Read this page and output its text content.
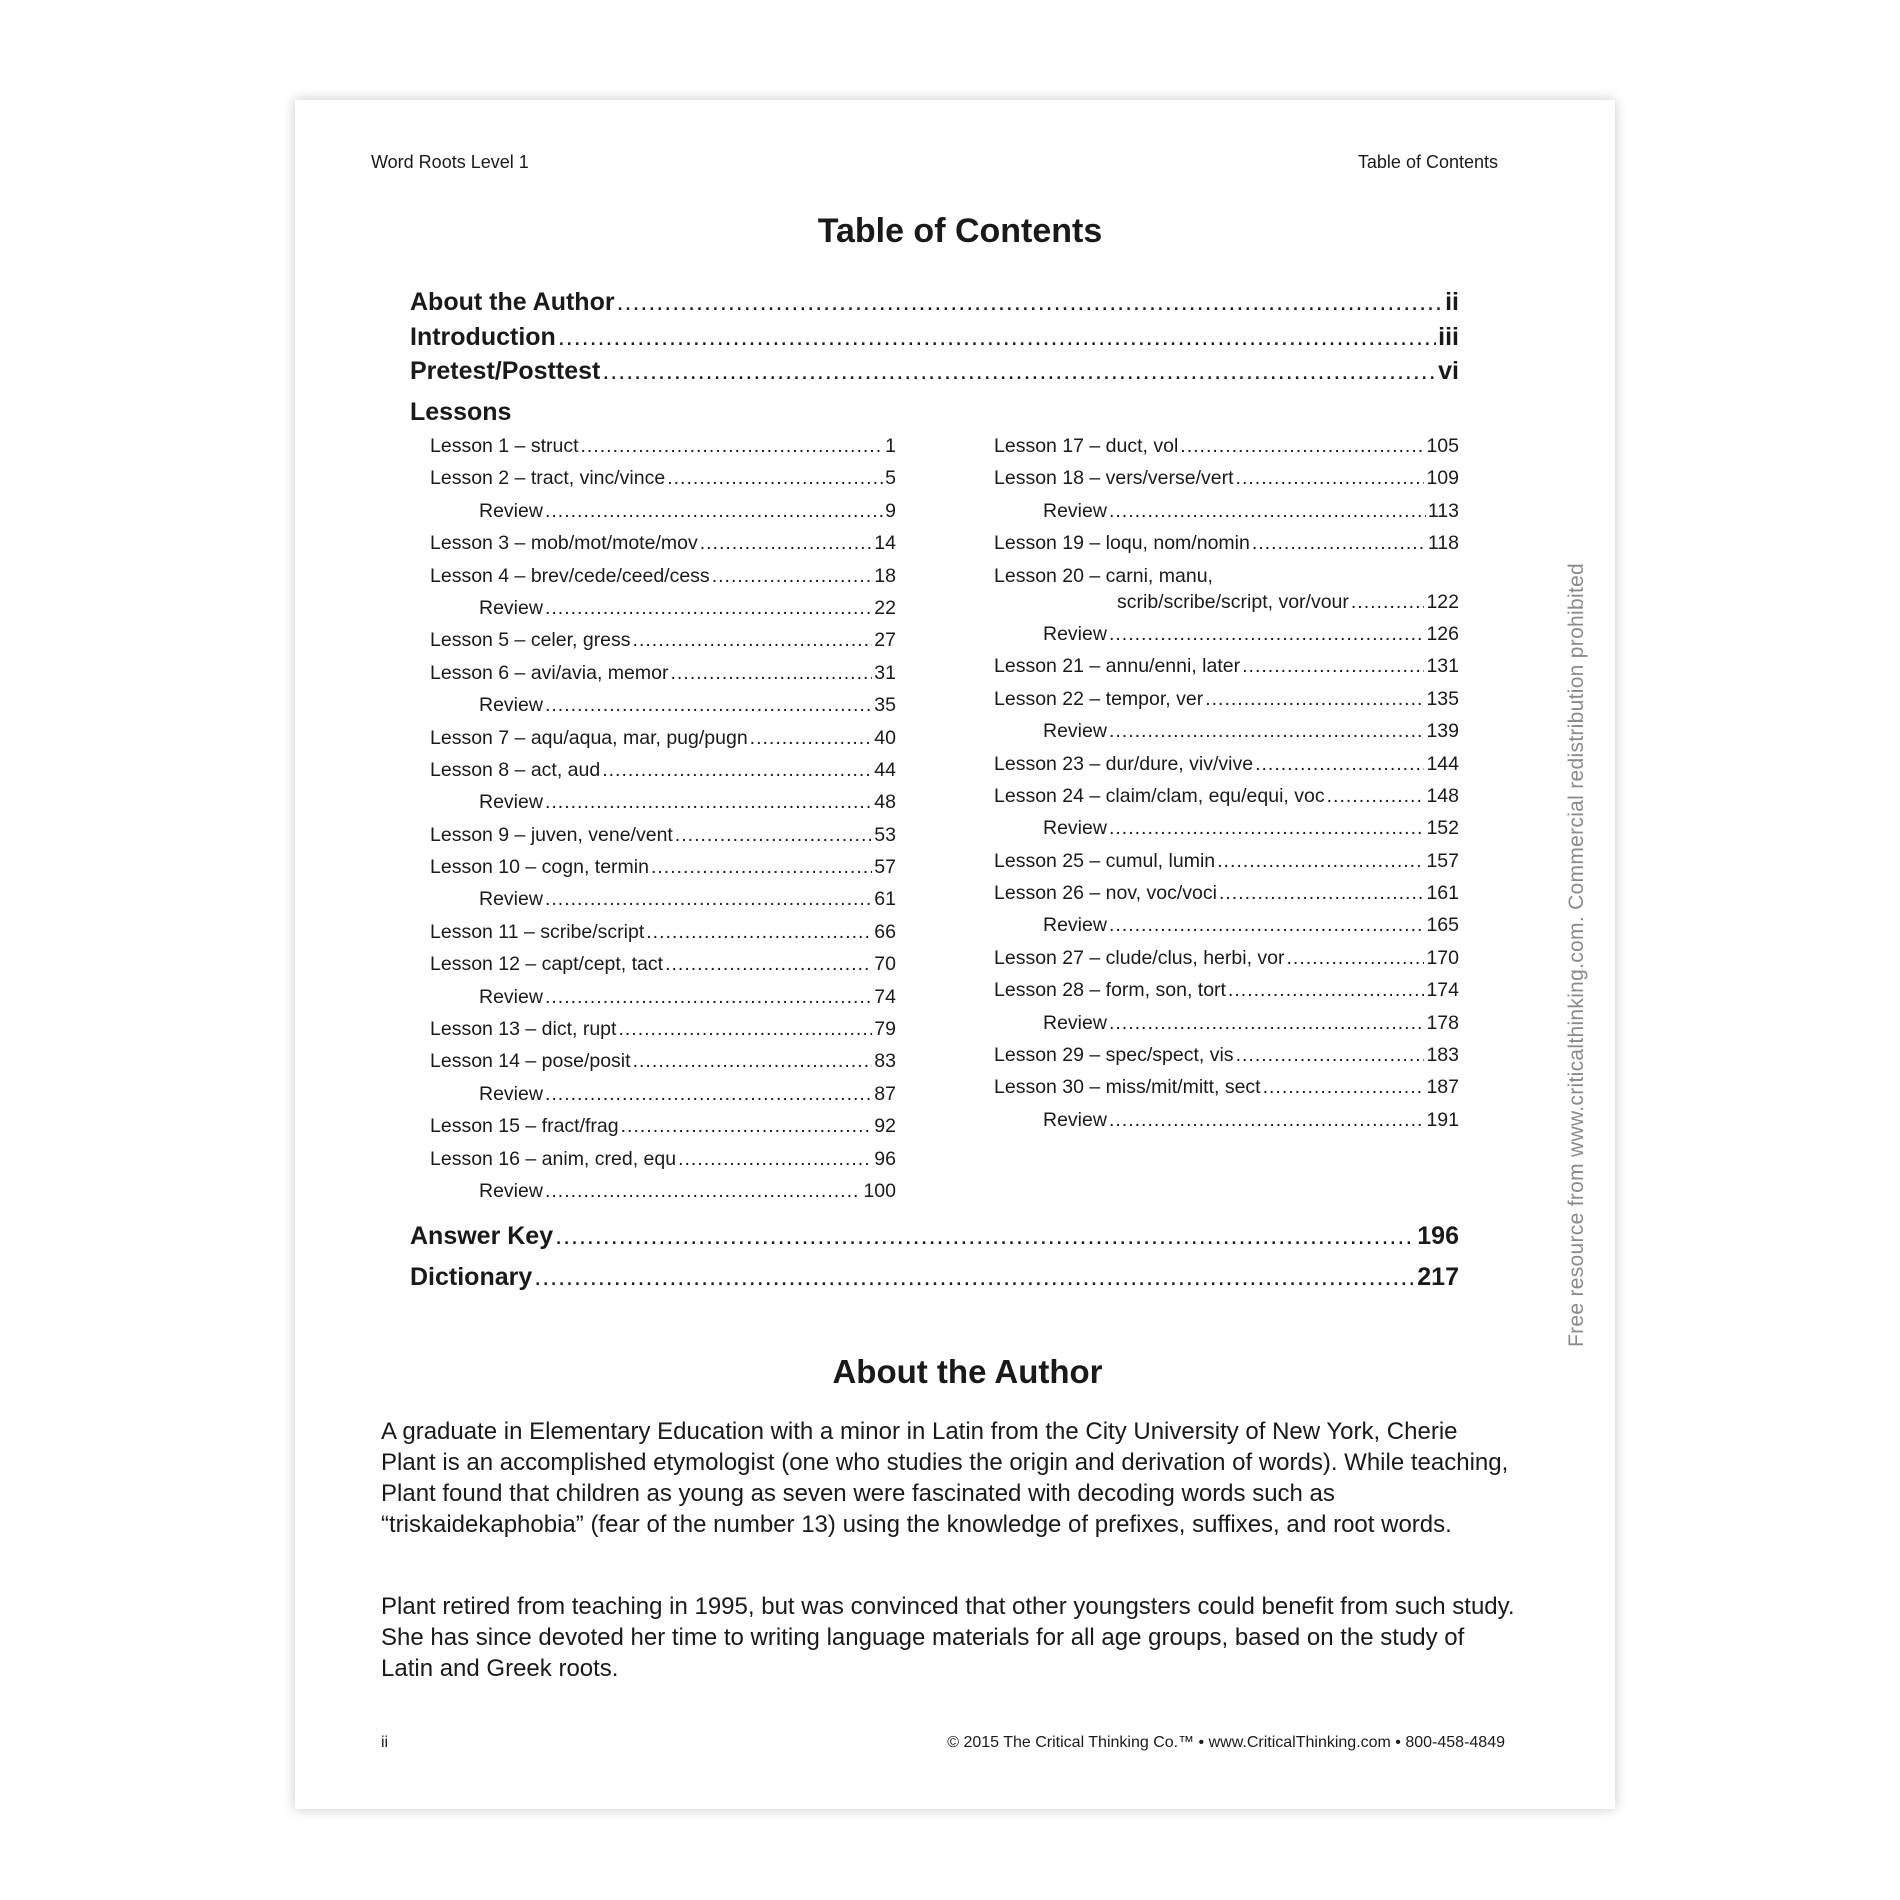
Word Roots Level 1	Table of Contents
Table of Contents
Lessons
Lesson 1 – struct .....	1
Lesson 2 – tract, vinc/vince .....	5
Review .....	9
Lesson 3 – mob/mot/mote/mov .....	14
Lesson 4 – brev/cede/ceed/cess .....	18
Review .....	22
Lesson 5 – celer, gress .....	27
Lesson 6 – avi/avia, memor .....	31
Review .....	35
Lesson 7 – aqu/aqua, mar, pug/pugn .....	40
Lesson 8 – act, aud .....	44
Review .....	48
Lesson 9 – juven, vene/vent .....	53
Lesson 10 – cogn, termin .....	57
Review .....	61
Lesson 11 – scribe/script .....	66
Lesson 12 – capt/cept, tact .....	70
Review .....	74
Lesson 13 – dict, rupt .....	79
Lesson 14 – pose/posit .....	83
Review .....	87
Lesson 15 – fract/frag .....	92
Lesson 16 – anim, cred, equ .....	96
Review .....	100
Lesson 17 – duct, vol .....	105
Lesson 18 – vers/verse/vert .....	109
Review .....	113
Lesson 19 – loqu, nom/nomin .....	118
Lesson 20 – carni, manu,
scrib/scribe/script, vor/vour .....	122
Review .....	126
Lesson 21 – annu/enni, later .....	131
Lesson 22 – tempor, ver .....	135
Review .....	139
Lesson 23 – dur/dure, viv/vive .....	144
Lesson 24 – claim/clam, equ/equi, voc .....	148
Review .....	152
Lesson 25 – cumul, lumin .....	157
Lesson 26 – nov, voc/voci .....	161
Review .....	165
Lesson 27 – clude/clus, herbi, vor .....	170
Lesson 28 – form, son, tort .....	174
Review .....	178
Lesson 29 – spec/spect, vis .....	183
Lesson 30 – miss/mit/mitt, sect .....	187
Review .....	191
About the Author

A graduate in Elementary Education with a minor in Latin from the City University of New York, Cherie Plant is an accomplished etymologist (one who studies the origin and derivation of words). While teaching, Plant found that children as young as seven were fascinated with decoding words such as “triskaidekaphobia” (fear of the number 13) using the knowledge of prefixes, suffixes, and root words.

Plant retired from teaching in 1995, but was convinced that other youngsters could benefit from such study. She has since devoted her time to writing language materials for all age groups, based on the study of Latin and Greek roots.

ii	© 2015 The Critical Thinking Co.™ • www.CriticalThinking.com • 800-458-4849
About the Author .....	ii
Introduction .....	iii
Pretest/Posttest .....	vi
Answer Key .....	196
Dictionary .....	217	Free resource from www.criticalthinking.com. Commercial redistribution prohibited
